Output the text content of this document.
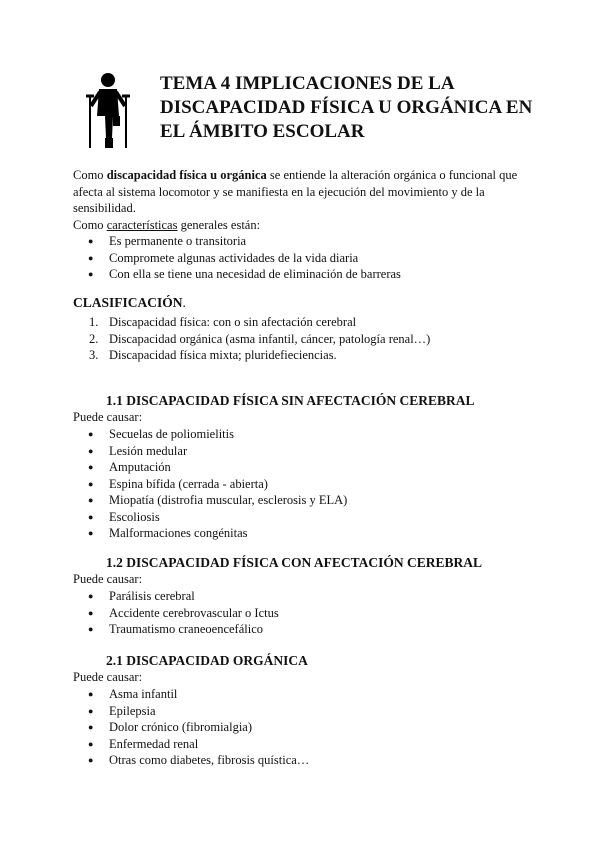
TEMA 4 IMPLICACIONES DE LA
DISCAPACIDAD FÍSICA U ORGÁNICA EN
EL ÁMBITO ESCOLAR
Como discapacidad física u orgánica se entiende la alteración orgánica o funcional que afecta al sistema locomotor y se manifiesta en la ejecución del movimiento y de la sensibilidad.
Como características generales están:
● Es permanente o transitoria
● Compromete algunas actividades de la vida diaria
● Con ella se tiene una necesidad de eliminación de barreras
CLASIFICACIÓN.
1. Discapacidad física: con o sin afectación cerebral
2. Discapacidad orgánica (asma infantil, cáncer, patología renal…)
3. Discapacidad física mixta; pluridefieciencias.
1.1 DISCAPACIDAD FÍSICA SIN AFECTACIÓN CEREBRAL
Puede causar:
● Secuelas de poliomielitis
● Lesión medular
● Amputación
● Espina bífida (cerrada - abierta)
● Miopatía (distrofia muscular, esclerosis y ELA)
● Escoliosis
● Malformaciones congénitas
1.2 DISCAPACIDAD FÍSICA CON AFECTACIÓN CEREBRAL
Puede causar:
● Parálisis cerebral
● Accidente cerebrovascular o Ictus
● Traumatismo craneoencefálico
2.1 DISCAPACIDAD ORGÁNICA
Puede causar:
● Asma infantil
● Epilepsia
● Dolor crónico (fibromialgia)
● Enfermedad renal
● Otras como diabetes, fibrosis quística…
